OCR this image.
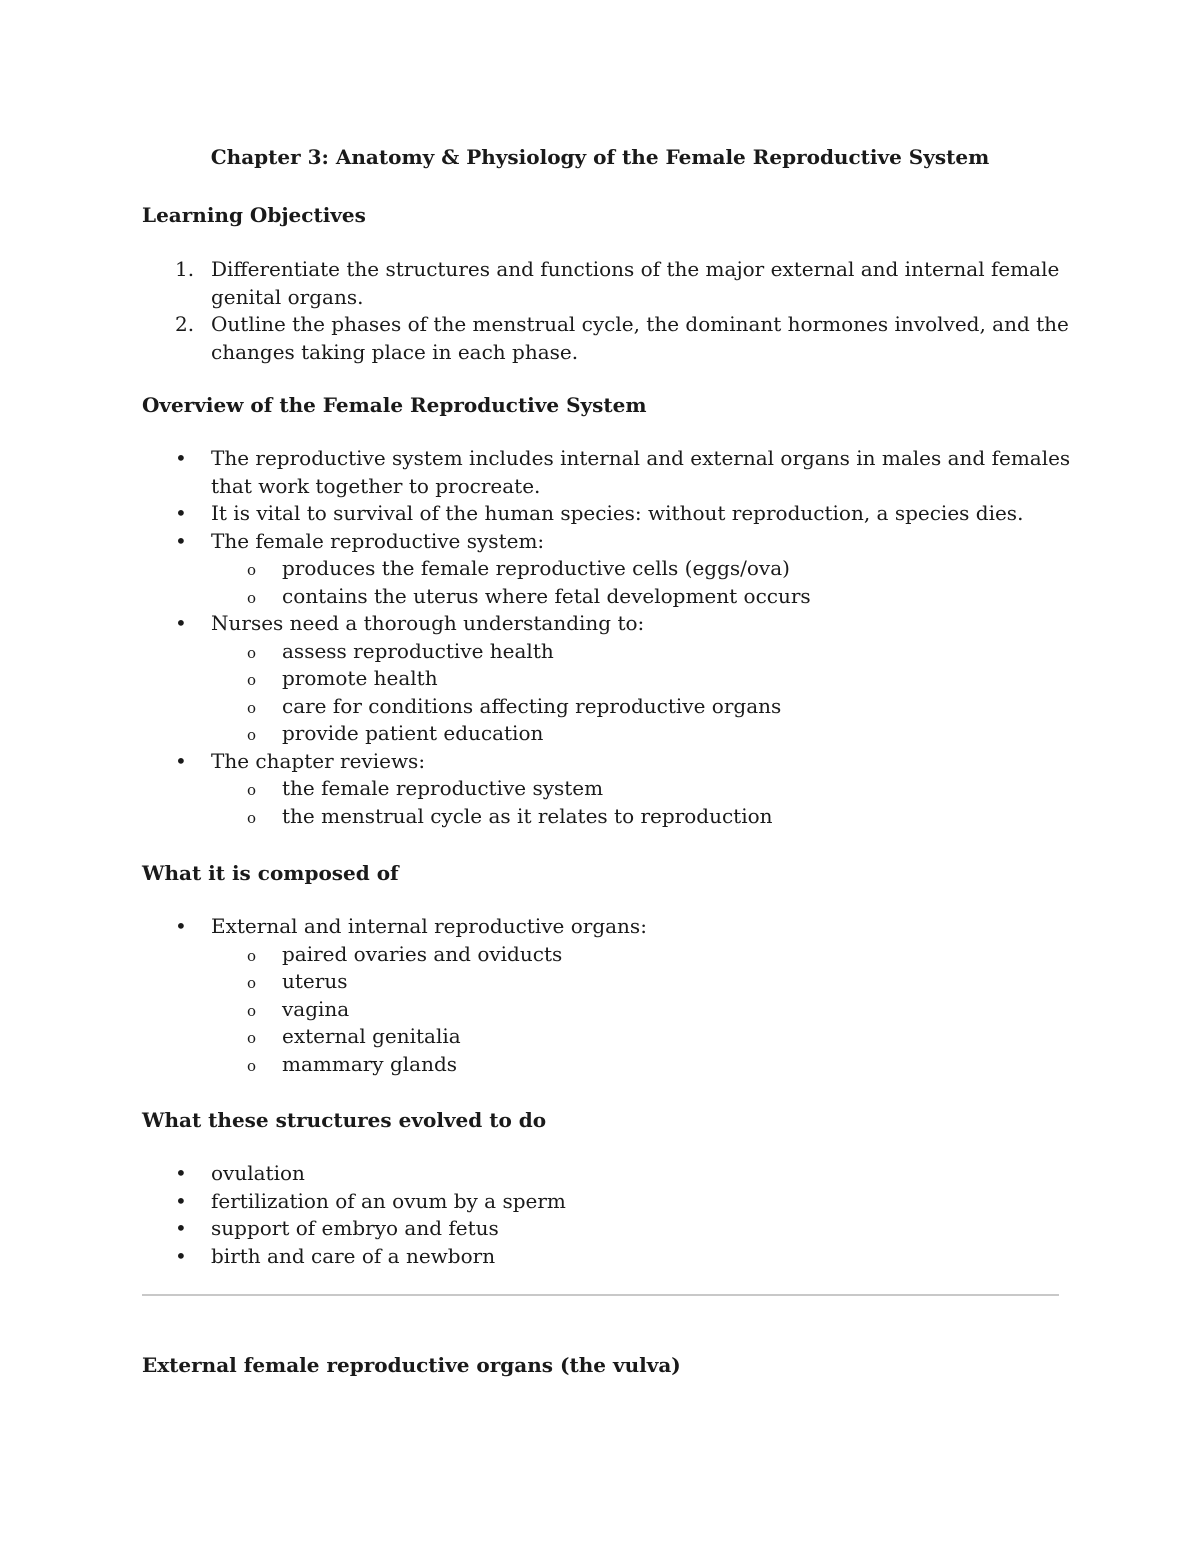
Chapter 3: Anatomy & Physiology of the Female Reproductive System
Learning Objectives
1. Differentiate the structures and functions of the major external and internal female genital organs.
2. Outline the phases of the menstrual cycle, the dominant hormones involved, and the changes taking place in each phase.
Overview of the Female Reproductive System
• The reproductive system includes internal and external organs in males and females that work together to procreate.
• It is vital to survival of the human species: without reproduction, a species dies.
• The female reproductive system:
o produces the female reproductive cells (eggs/ova)
o contains the uterus where fetal development occurs
• Nurses need a thorough understanding to:
o assess reproductive health
o promote health
o care for conditions affecting reproductive organs
o provide patient education
• The chapter reviews:
o the female reproductive system
o the menstrual cycle as it relates to reproduction
What it is composed of
• External and internal reproductive organs:
o paired ovaries and oviducts
o uterus
o vagina
o external genitalia
o mammary glands
What these structures evolved to do
• ovulation
• fertilization of an ovum by a sperm
• support of embryo and fetus
• birth and care of a newborn
External female reproductive organs (the vulva)
